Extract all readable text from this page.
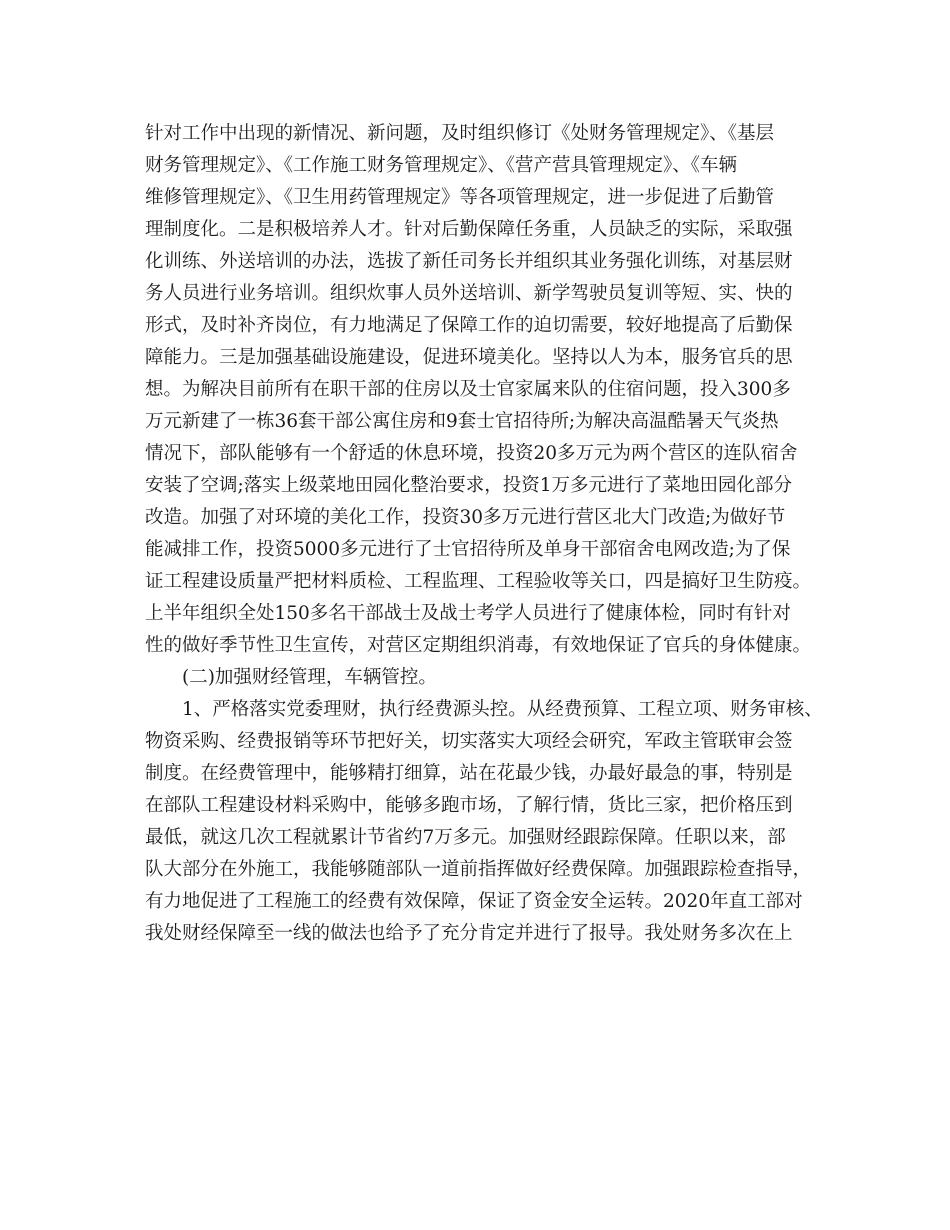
针对工作中出现的新情况、新问题，及时组织修订《处财务管理规定》、《基层
财务管理规定》、《工作施工财务管理规定》、《营产营具管理规定》、《车辆
维修管理规定》、《卫生用药管理规定》等各项管理规定，进一步促进了后勤管
理制度化。二是积极培养人才。针对后勤保障任务重，人员缺乏的实际，采取强
化训练、外送培训的办法，选拔了新任司务长并组织其业务强化训练，对基层财
务人员进行业务培训。组织炊事人员外送培训、新学驾驶员复训等短、实、快的
形式，及时补齐岗位，有力地满足了保障工作的迫切需要，较好地提高了后勤保
障能力。三是加强基础设施建设，促进环境美化。坚持以人为本，服务官兵的思
想。为解决目前所有在职干部的住房以及士官家属来队的住宿问题，投入300多
万元新建了一栋36套干部公寓住房和9套士官招待所;为解决高温酷暑天气炎热
情况下，部队能够有一个舒适的休息环境，投资20多万元为两个营区的连队宿舍
安装了空调;落实上级菜地田园化整治要求，投资1万多元进行了菜地田园化部分
改造。加强了对环境的美化工作，投资30多万元进行营区北大门改造;为做好节
能减排工作，投资5000多元进行了士官招待所及单身干部宿舍电网改造;为了保
证工程建设质量严把材料质检、工程监理、工程验收等关口，四是搞好卫生防疫。
上半年组织全处150多名干部战士及战士考学人员进行了健康体检，同时有针对
性的做好季节性卫生宣传，对营区定期组织消毒，有效地保证了官兵的身体健康。
(二)加强财经管理，车辆管控。
1、严格落实党委理财，执行经费源头控。从经费预算、工程立项、财务审核、
物资采购、经费报销等环节把好关，切实落实大项经会研究，军政主管联审会签
制度。在经费管理中，能够精打细算，站在花最少钱，办最好最急的事，特别是
在部队工程建设材料采购中，能够多跑市场，了解行情，货比三家，把价格压到
最低，就这几次工程就累计节省约7万多元。加强财经跟踪保障。任职以来，部
队大部分在外施工，我能够随部队一道前指挥做好经费保障。加强跟踪检查指导，
有力地促进了工程施工的经费有效保障，保证了资金安全运转。2020年直工部对
我处财经保障至一线的做法也给予了充分肯定并进行了报导。我处财务多次在上
